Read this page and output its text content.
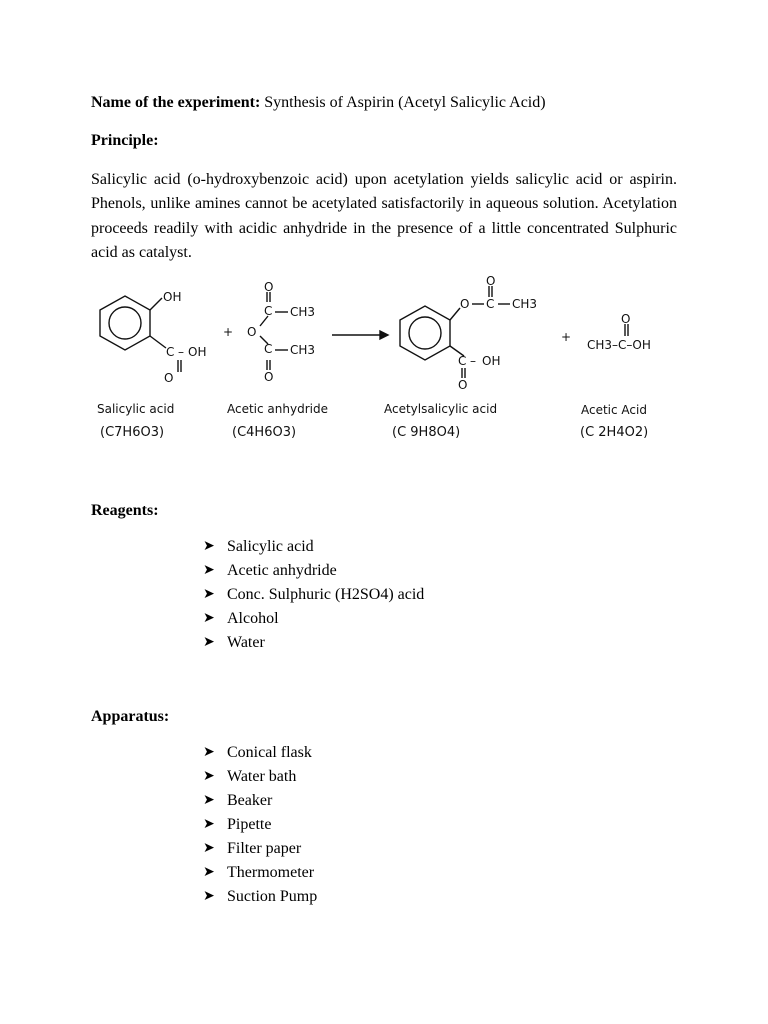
Name of the experiment: Synthesis of Aspirin (Acetyl Salicylic Acid)
Principle:
Salicylic acid (o-hydroxybenzoic acid) upon acetylation yields salicylic acid or aspirin. Phenols, unlike amines cannot be acetylated satisfactorily in aqueous solution. Acetylation proceeds readily with acidic anhydride in the presence of a little concentrated Sulphuric acid as catalyst.
OH
C – OH
O
+
O
C CH3
O
C CH3
O
O
O
C CH3
C – OH
O
+
O
CH3–C–OH
Salicylic acid	Acetic anhydride	Acetylsalicylic acid	Acetic Acid
(C7H6O3)	(C4H6O3)	(C 9H8O4)	(C 2H4O2)
Reagents:
➤ Salicylic acid
➤ Acetic anhydride
➤ Conc. Sulphuric (H2SO4) acid
➤ Alcohol
➤ Water
Apparatus:
➤ Conical flask
➤ Water bath
➤ Beaker
➤ Pipette
➤ Filter paper
➤ Thermometer
➤ Suction Pump
